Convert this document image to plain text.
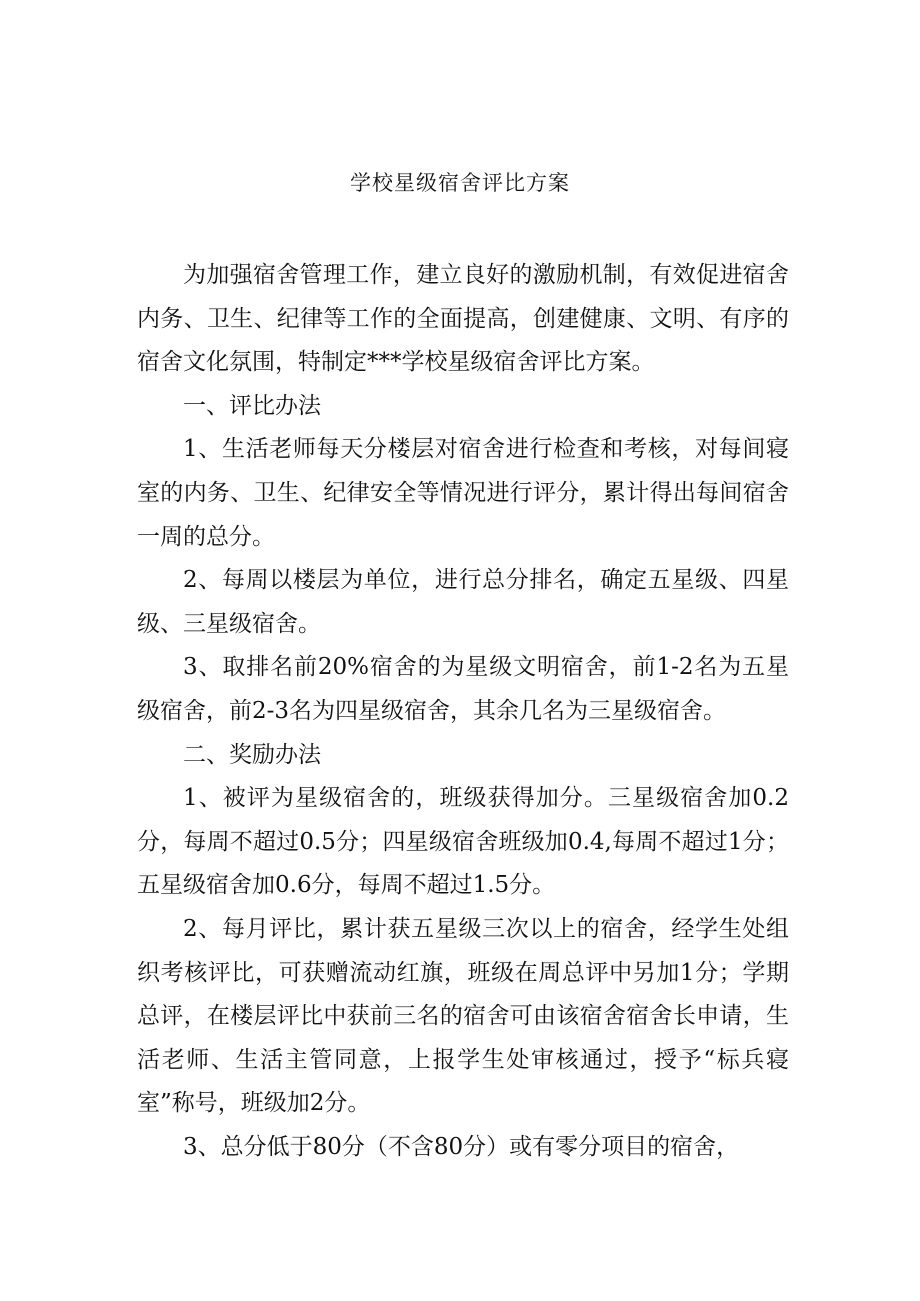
学校星级宿舍评比方案

为加强宿舍管理工作，建立良好的激励机制，有效促进宿舍内务、卫生、纪律等工作的全面提高，创建健康、文明、有序的宿舍文化氛围，特制定***学校星级宿舍评比方案。

一、评比办法

1、生活老师每天分楼层对宿舍进行检查和考核，对每间寝室的内务、卫生、纪律安全等情况进行评分，累计得出每间宿舍一周的总分。

2、每周以楼层为单位，进行总分排名，确定五星级、四星级、三星级宿舍。

3、取排名前20%宿舍的为星级文明宿舍，前1-2名为五星级宿舍，前2-3名为四星级宿舍，其余几名为三星级宿舍。

二、奖励办法

1、被评为星级宿舍的，班级获得加分。三星级宿舍加0.2分，每周不超过0.5分；四星级宿舍班级加0.4,每周不超过1分；五星级宿舍加0.6分，每周不超过1.5分。

2、每月评比，累计获五星级三次以上的宿舍，经学生处组织考核评比，可获赠流动红旗，班级在周总评中另加1分；学期总评，在楼层评比中获前三名的宿舍可由该宿舍宿舍长申请，生活老师、生活主管同意，上报学生处审核通过，授予“标兵寝室”称号，班级加2分。

3、总分低于80分（不含80分）或有零分项目的宿舍，
